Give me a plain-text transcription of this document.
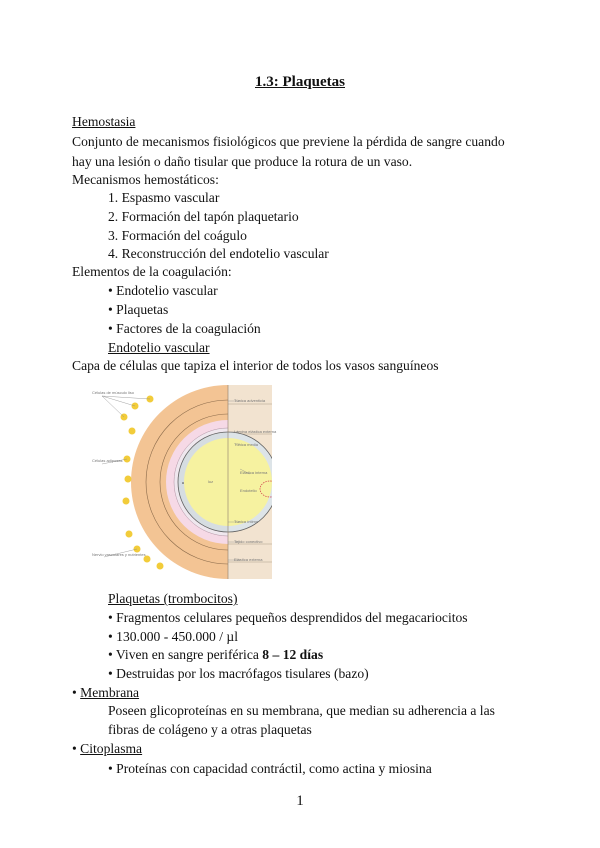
1.3: Plaquetas
Hemostasia
Conjunto de mecanismos fisiológicos que previene la pérdida de sangre cuando
hay una lesión o daño tisular que produce la rotura de un vaso.
Mecanismos hemostáticos:
1. Espasmo vascular
2. Formación del tapón plaquetario
3. Formación del coágulo
4. Reconstrucción del endotelio vascular
Elementos de la coagulación:
• Endotelio vascular
• Plaquetas
• Factores de la coagulación
Endotelio vascular
Capa de células que tapiza el interior de todos los vasos sanguíneos
Células de músculo liso
Células adiposas
Nervio vasculares y nutrientes
Túnica adventicia
Lámina elástica externa
Túnica media
Elástica interna
Endotelio
Túnica íntima
Tejido conectivo
Elástica externa
luz
Plaquetas (trombocitos)
• Fragmentos celulares pequeños desprendidos del megacariocitos
• 130.000 - 450.000 / µl
• Viven en sangre periférica 8 – 12 días
• Destruidas por los macrófagos tisulares (bazo)
• Membrana
Poseen glicoproteínas en su membrana, que median su adherencia a las
fibras de colágeno y a otras plaquetas
• Citoplasma
• Proteínas con capacidad contráctil, como actina y miosina
1
